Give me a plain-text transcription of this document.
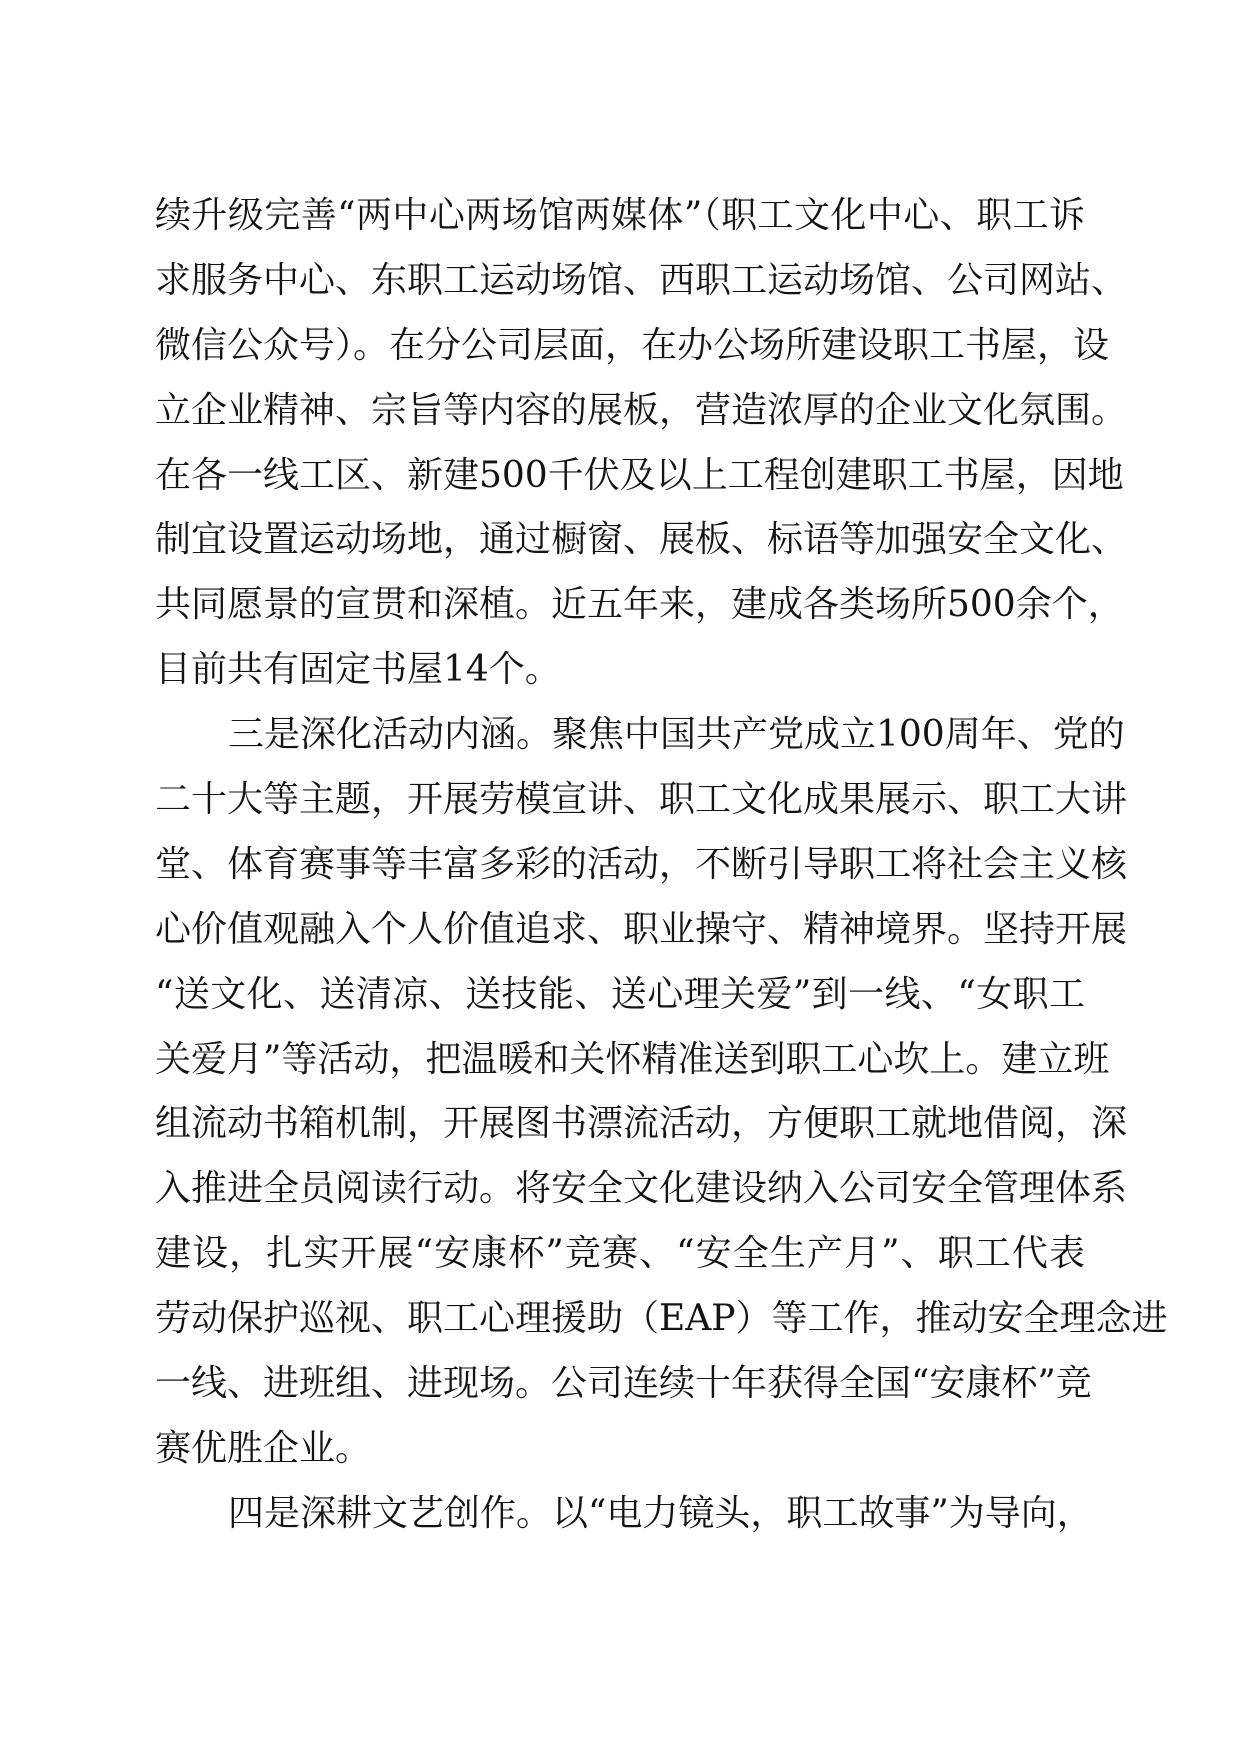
续升级完善“两中心两场馆两媒体”（职工文化中心、职工诉
求服务中心、东职工运动场馆、西职工运动场馆、公司网站、
微信公众号）。在分公司层面，在办公场所建设职工书屋，设
立企业精神、宗旨等内容的展板，营造浓厚的企业文化氛围。
在各一线工区、新建500千伏及以上工程创建职工书屋，因地
制宜设置运动场地，通过橱窗、展板、标语等加强安全文化、
共同愿景的宣贯和深植。近五年来，建成各类场所500余个，
目前共有固定书屋14个。
三是深化活动内涵。聚焦中国共产党成立100周年、党的
二十大等主题，开展劳模宣讲、职工文化成果展示、职工大讲
堂、体育赛事等丰富多彩的活动，不断引导职工将社会主义核
心价值观融入个人价值追求、职业操守、精神境界。坚持开展
“送文化、送清凉、送技能、送心理关爱”到一线、“女职工
关爱月”等活动，把温暖和关怀精准送到职工心坎上。建立班
组流动书箱机制，开展图书漂流活动，方便职工就地借阅，深
入推进全员阅读行动。将安全文化建设纳入公司安全管理体系
建设，扎实开展“安康杯”竞赛、“安全生产月”、职工代表
劳动保护巡视、职工心理援助（EAP）等工作，推动安全理念进
一线、进班组、进现场。公司连续十年获得全国“安康杯”竞
赛优胜企业。
四是深耕文艺创作。以“电力镜头，职工故事”为导向，
